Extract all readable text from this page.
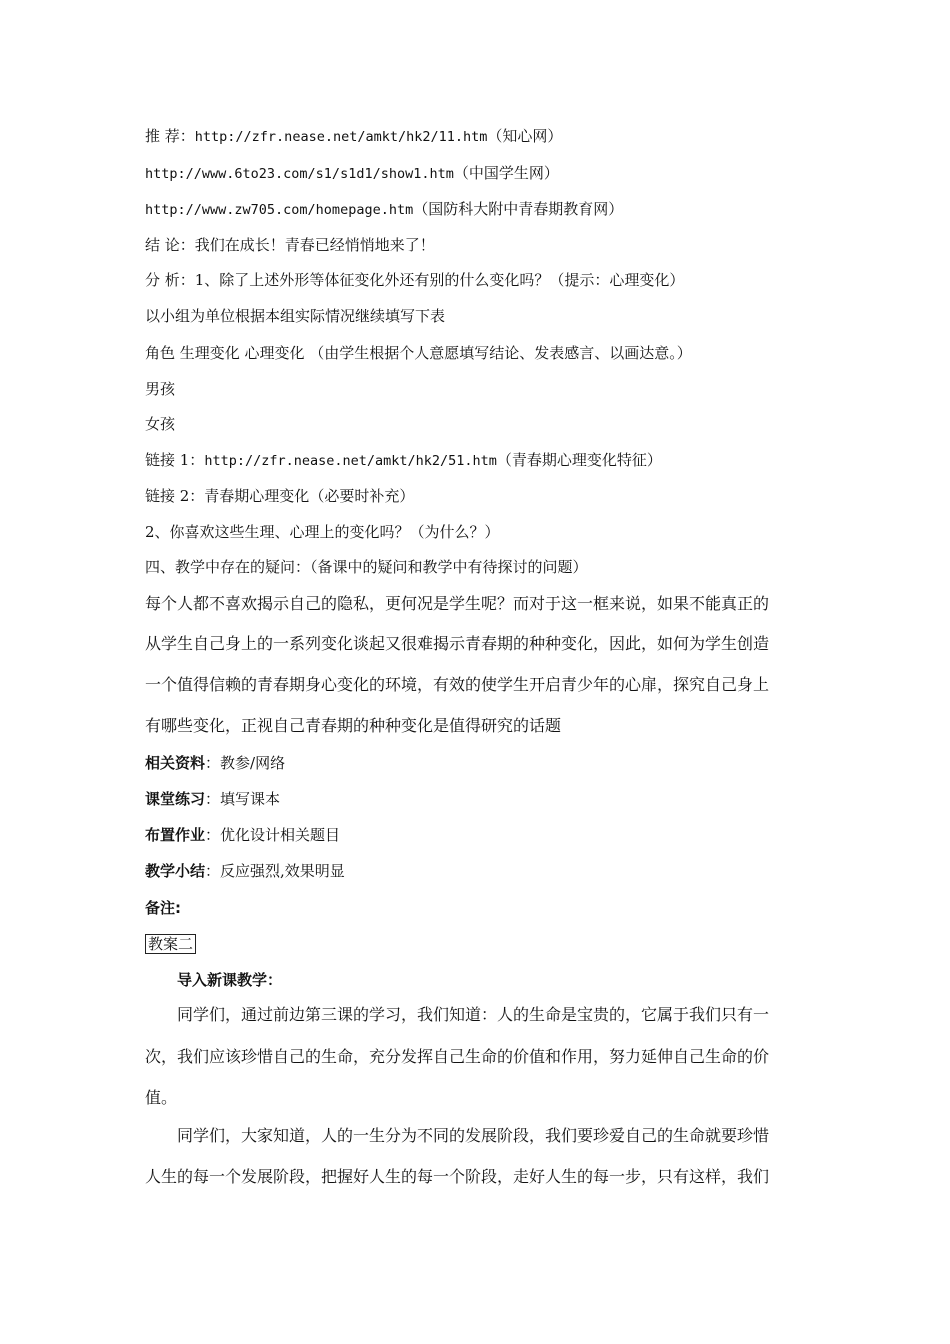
推 荐：http://zfr.nease.net/amkt/hk2/11.htm（知心网）
http://www.6to23.com/s1/s1d1/show1.htm（中国学生网）
http://www.zw705.com/homepage.htm（国防科大附中青春期教育网）
结 论：我们在成长！青春已经悄悄地来了！
分 析：1、除了上述外形等体征变化外还有别的什么变化吗？（提示：心理变化）
以小组为单位根据本组实际情况继续填写下表
角色 生理变化 心理变化 （由学生根据个人意愿填写结论、发表感言、以画达意。）
男孩
女孩
链接 1：http://zfr.nease.net/amkt/hk2/51.htm（青春期心理变化特征）
链接 2：青春期心理变化（必要时补充）
2、你喜欢这些生理、心理上的变化吗？（为什么？）
四、教学中存在的疑问：（备课中的疑问和教学中有待探讨的问题）
每个人都不喜欢揭示自己的隐私，更何况是学生呢？而对于这一框来说，如果不能真正的
从学生自己身上的一系列变化谈起又很难揭示青春期的种种变化，因此，如何为学生创造
一个值得信赖的青春期身心变化的环境，有效的使学生开启青少年的心扉，探究自己身上
有哪些变化，正视自己青春期的种种变化是值得研究的话题
相关资料：教参/网络
课堂练习：填写课本
布置作业：优化设计相关题目
教学小结：反应强烈,效果明显
备注:
教案二
导入新课教学：
同学们，通过前边第三课的学习，我们知道：人的生命是宝贵的，它属于我们只有一
次，我们应该珍惜自己的生命，充分发挥自己生命的价值和作用，努力延伸自己生命的价
值。
同学们，大家知道，人的一生分为不同的发展阶段，我们要珍爱自己的生命就要珍惜
人生的每一个发展阶段，把握好人生的每一个阶段，走好人生的每一步，只有这样，我们
